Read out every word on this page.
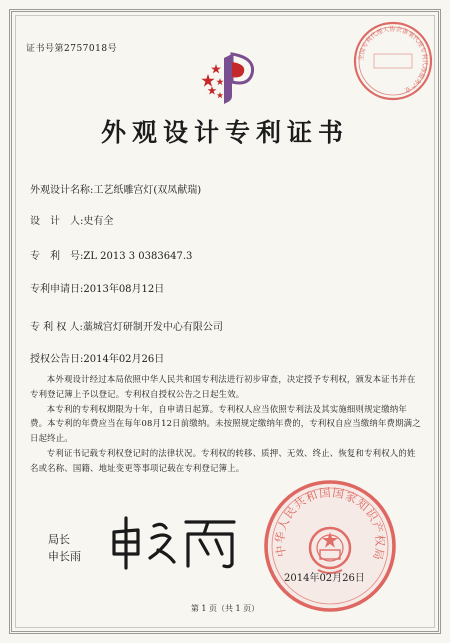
证书号第2757018号
全国专利代理人协会备案代理专利代理服务产业
外观设计专利证书
外观设计名称:工艺纸雕宫灯(双凤献瑞)
设　计　人:史有全
专　利　号:ZL 2013 3 0383647.3
专利申请日:2013年08月12日
专 利 权 人:藁城宫灯研制开发中心有限公司
授权公告日:2014年02月26日

本外观设计经过本局依照中华人民共和国专利法进行初步审查，决定授予专利权，颁发本证书并在专利登记簿上予以登记。专利权自授权公告之日起生效。

本专利的专利权期限为十年，自申请日起算。专利权人应当依照专利法及其实施细则规定缴纳年费。本专利的年费应当在每年08月12日前缴纳。未按照规定缴纳年费的，专利权自应当缴纳年费期满之日起终止。

专利证书记载专利权登记时的法律状况。专利权的转移、质押、无效、终止、恢复和专利权人的姓名或名称、国籍、地址变更等事项记载在专利登记簿上。

局长
申长雨	中华人民共和国国家知识产权局
2014年02月26日
第 1 页（共 1 页）
